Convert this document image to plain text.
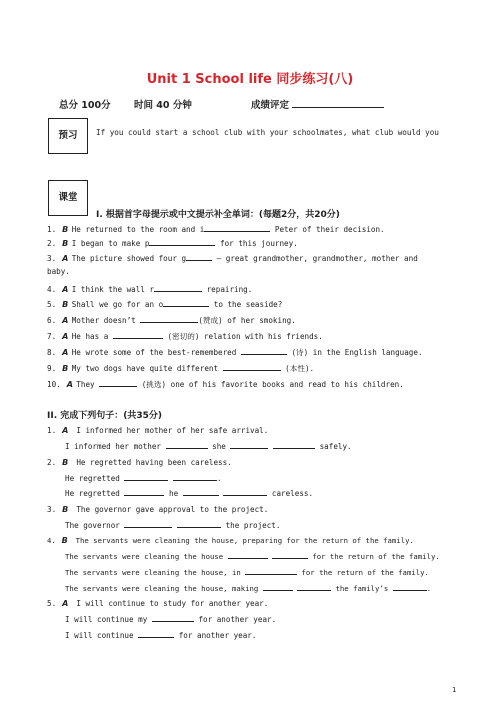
Unit 1 School life 同步练习(八)
总分 100分 时间 40 分钟	成绩评定
预习	If you could start a school club with your schoolmates, what club would you
课堂
I. 根据首字母提示或中文提示补全单词：(每题2分，共20分)
1. B He returned to the room and i	Peter of their decision.
2. B I began to make p	for this journey.
3. A The picture showed four g	— great grandmother, grandmother, mother and
baby.
4. A I think the wall r	repairing.
5. B Shall we go for an o	to the seaside?
6. A Mother doesn’t	(赞成) of her smoking.
7. A He has a	(密切的) relation with his friends.
8. A He wrote some of the best-remembered	(诗) in the English language.
9. B My two dogs have quite different	(本性).
10. A They	(挑选) one of his favorite books and read to his children.
II. 完成下列句子：(共35分)
1. A I informed her mother of her safe arrival.
I informed her mother	she	safely.
2. B He regretted having been careless.
He regretted	.
He regretted	he	careless.
3. B The governor gave approval to the project.
The governor	the project.
4. B The servants were cleaning the house, preparing for the return of the family.
The servants were cleaning the house	for the return of the family.
The servants were cleaning the house, in	for the return of the family.
The servants were cleaning the house, making	the family’s	.
5. A I will continue to study for another year.
I will continue my	for another year.
I will continue	for another year.
1
